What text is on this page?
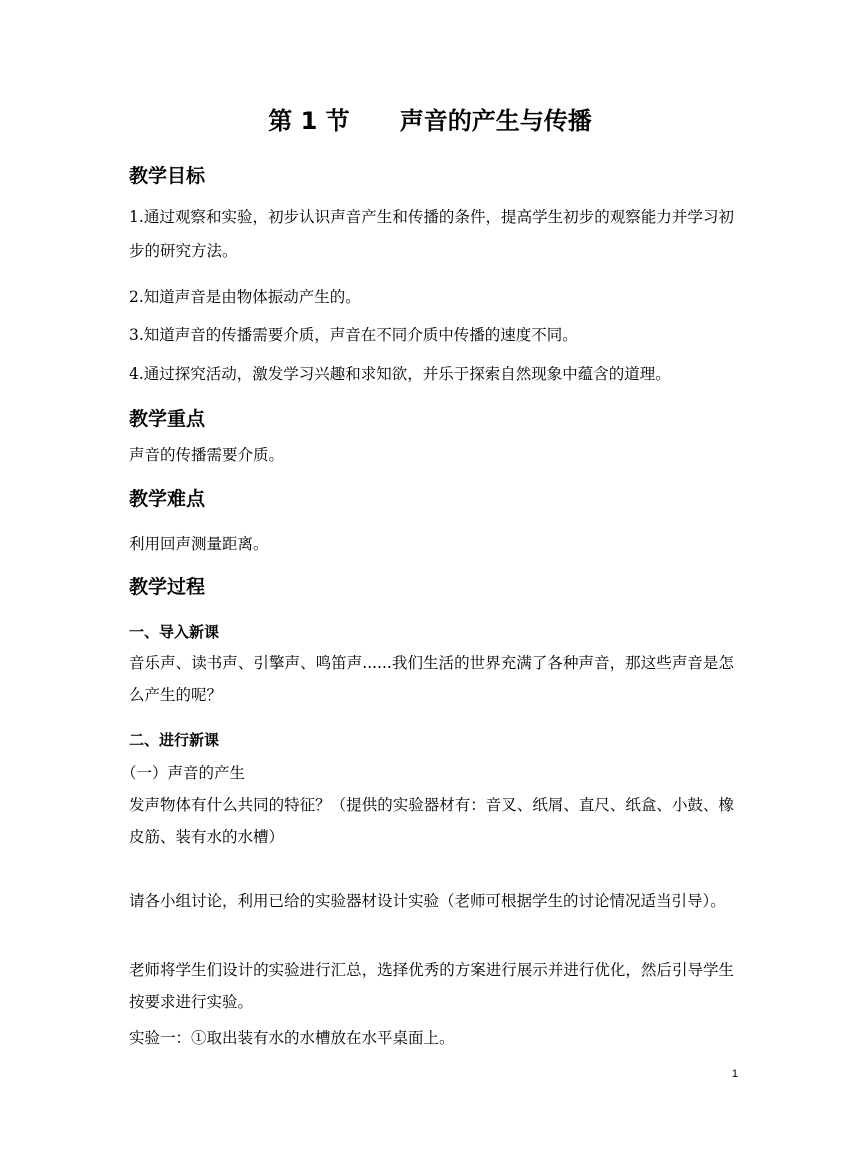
第 1 节      声音的产生与传播
教学目标
1.通过观察和实验，初步认识声音产生和传播的条件，提高学生初步的观察能力并学习初步的研究方法。
2.知道声音是由物体振动产生的。
3.知道声音的传播需要介质，声音在不同介质中传播的速度不同。
4.通过探究活动，激发学习兴趣和求知欲，并乐于探索自然现象中蕴含的道理。
教学重点
声音的传播需要介质。
教学难点
利用回声测量距离。
教学过程
一、导入新课
音乐声、读书声、引擎声、鸣笛声......我们生活的世界充满了各种声音，那这些声音是怎么产生的呢？
二、进行新课
（一）声音的产生
发声物体有什么共同的特征？（提供的实验器材有：音叉、纸屑、直尺、纸盒、小鼓、橡皮筋、装有水的水槽）
请各小组讨论，利用已给的实验器材设计实验（老师可根据学生的讨论情况适当引导）。
老师将学生们设计的实验进行汇总，选择优秀的方案进行展示并进行优化，然后引导学生按要求进行实验。
实验一：①取出装有水的水槽放在水平桌面上。
1
